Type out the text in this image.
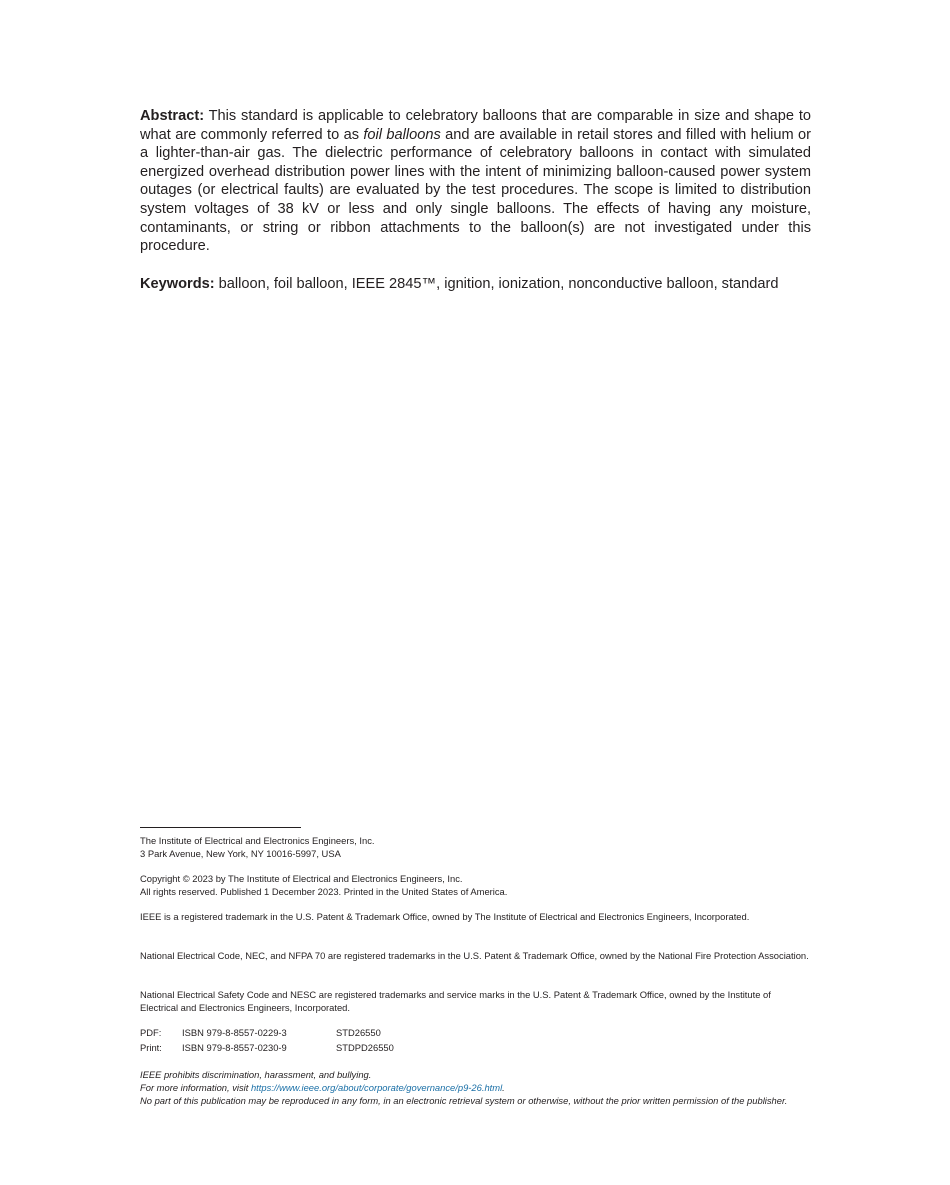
Abstract: This standard is applicable to celebratory balloons that are comparable in size and shape to what are commonly referred to as foil balloons and are available in retail stores and filled with helium or a lighter-than-air gas. The dielectric performance of celebratory balloons in contact with simulated energized overhead distribution power lines with the intent of minimizing balloon-caused power system outages (or electrical faults) are evaluated by the test procedures. The scope is limited to distribution system voltages of 38 kV or less and only single balloons. The effects of having any moisture, contaminants, or string or ribbon attachments to the balloon(s) are not investigated under this procedure.

Keywords: balloon, foil balloon, IEEE 2845™, ignition, ionization, nonconductive balloon, standard

The Institute of Electrical and Electronics Engineers, Inc.

3 Park Avenue, New York, NY 10016-5997, USA

Copyright © 2023 by The Institute of Electrical and Electronics Engineers, Inc.

All rights reserved. Published 1 December 2023. Printed in the United States of America.

IEEE is a registered trademark in the U.S. Patent & Trademark Office, owned by The Institute of Electrical and Electronics Engineers, Incorporated.

National Electrical Code, NEC, and NFPA 70 are registered trademarks in the U.S. Patent & Trademark Office, owned by the National Fire Protection Association.

National Electrical Safety Code and NESC are registered trademarks and service marks in the U.S. Patent & Trademark Office, owned by the Institute of Electrical and Electronics Engineers, Incorporated.

PDF:	ISBN 979-8-8557-0229-3	STD26550
Print:	ISBN 979-8-8557-0230-9	STDPD26550

IEEE prohibits discrimination, harassment, and bullying.

For more information, visit https://www.ieee.org/about/corporate/governance/p9-26.html.

No part of this publication may be reproduced in any form, in an electronic retrieval system or otherwise, without the prior written permission of the publisher.
